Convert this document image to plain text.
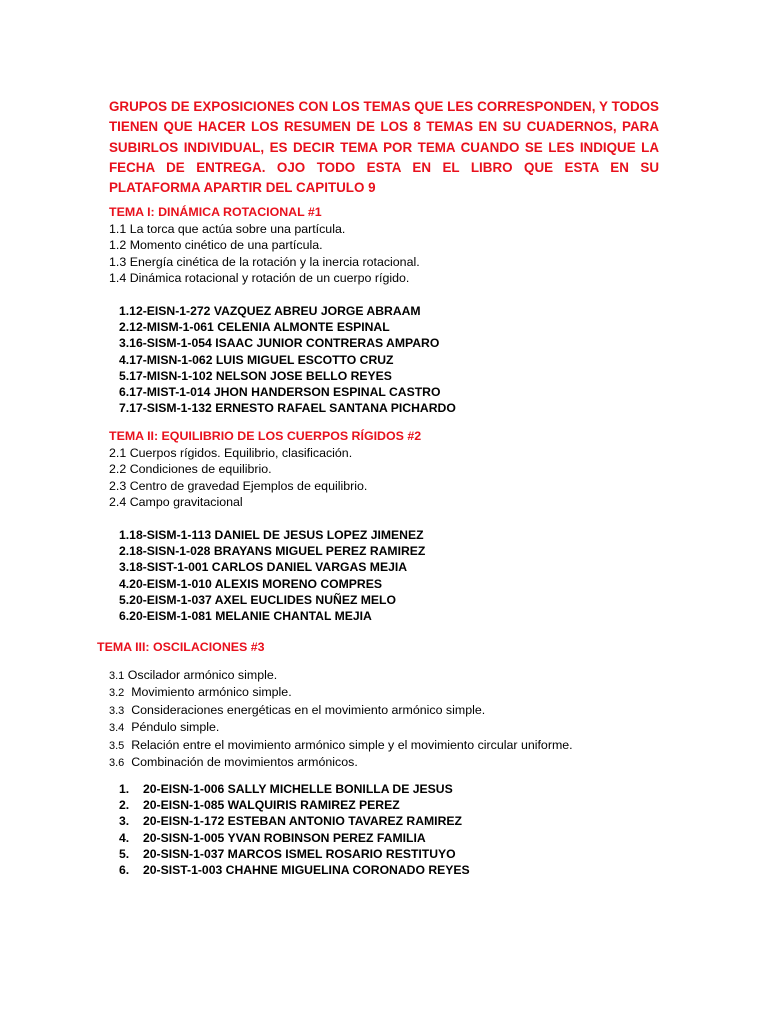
GRUPOS DE EXPOSICIONES CON LOS TEMAS QUE LES CORRESPONDEN, Y TODOS TIENEN QUE HACER LOS RESUMEN DE LOS 8 TEMAS EN SU CUADERNOS, PARA SUBIRLOS INDIVIDUAL, ES DECIR TEMA POR TEMA CUANDO SE LES INDIQUE LA FECHA DE ENTREGA. OJO TODO ESTA EN EL LIBRO QUE ESTA EN SU PLATAFORMA APARTIR DEL CAPITULO 9

TEMA I: DINÁMICA ROTACIONAL #1

1.1 La torca que actúa sobre una partícula.
1.2 Momento cinético de una partícula.
1.3 Energía cinética de la rotación y la inercia rotacional.
1.4 Dinámica rotacional y rotación de un cuerpo rígido.
1.12-EISN-1-272 VAZQUEZ ABREU JORGE ABRAAM
2.12-MISM-1-061 CELENIA ALMONTE ESPINAL
3.16-SISM-1-054 ISAAC JUNIOR CONTRERAS AMPARO
4.17-MISN-1-062 LUIS MIGUEL ESCOTTO CRUZ
5.17-MISN-1-102 NELSON JOSE BELLO REYES
6.17-MIST-1-014 JHON HANDERSON ESPINAL CASTRO
7.17-SISM-1-132 ERNESTO RAFAEL SANTANA PICHARDO

TEMA II: EQUILIBRIO DE LOS CUERPOS RÍGIDOS #2

2.1 Cuerpos rígidos. Equilibrio, clasificación.
2.2 Condiciones de equilibrio.
2.3 Centro de gravedad Ejemplos de equilibrio.
2.4 Campo gravitacional
1.18-SISM-1-113 DANIEL DE JESUS LOPEZ JIMENEZ
2.18-SISN-1-028 BRAYANS MIGUEL PEREZ RAMIREZ
3.18-SIST-1-001 CARLOS DANIEL VARGAS MEJIA
4.20-EISM-1-010 ALEXIS MORENO COMPRES
5.20-EISM-1-037 AXEL EUCLIDES NUÑEZ MELO
6.20-EISM-1-081 MELANIE CHANTAL MEJIA

TEMA III: OSCILACIONES #3

3.1 Oscilador armónico simple.
3.2 Movimiento armónico simple.
3.3 Consideraciones energéticas en el movimiento armónico simple.
3.4 Péndulo simple.
3.5 Relación entre el movimiento armónico simple y el movimiento circular uniforme.
3.6 Combinación de movimientos armónicos.
1. 20-EISN-1-006 SALLY MICHELLE BONILLA DE JESUS
2. 20-EISN-1-085 WALQUIRIS RAMIREZ PEREZ
3. 20-EISN-1-172 ESTEBAN ANTONIO TAVAREZ RAMIREZ
4. 20-SISN-1-005 YVAN ROBINSON PEREZ FAMILIA
5. 20-SISN-1-037 MARCOS ISMEL ROSARIO RESTITUYO
6. 20-SIST-1-003 CHAHNE MIGUELINA CORONADO REYES
